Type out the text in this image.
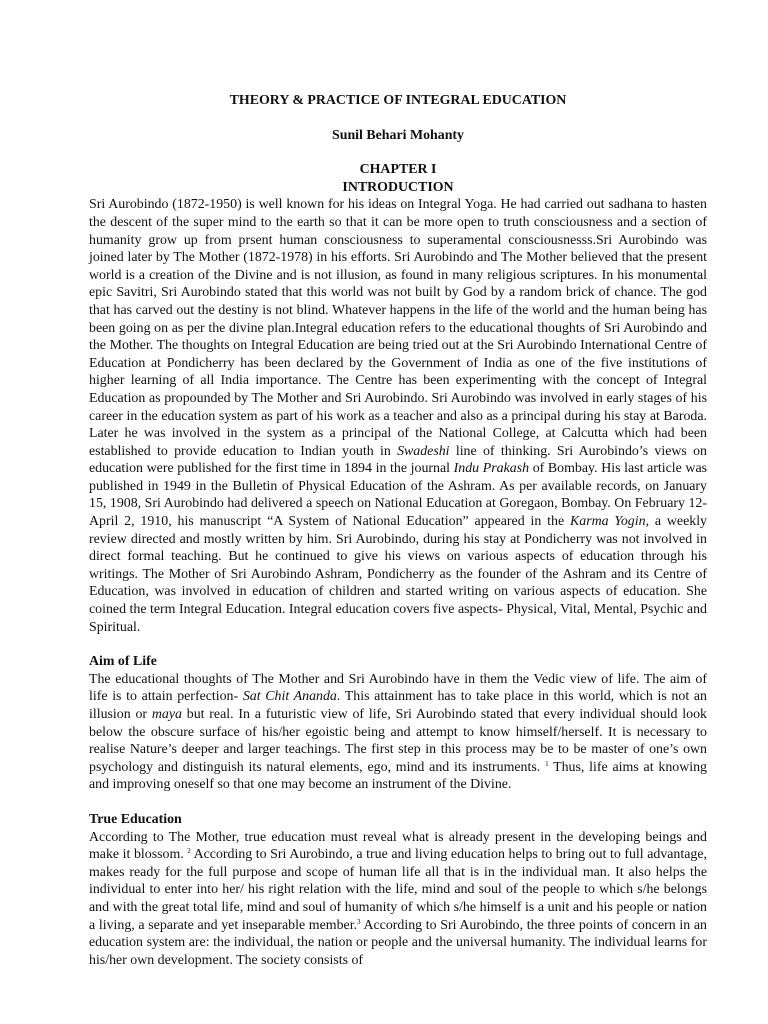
THEORY & PRACTICE OF INTEGRAL EDUCATION
Sunil Behari Mohanty
CHAPTER I
INTRODUCTION

Sri Aurobindo (1872-1950) is well known for his ideas on Integral Yoga. He had carried out sadhana to hasten the descent of the super mind to the earth so that it can be more open to truth consciousness and a section of humanity grow up from prsent human consciousness to superamental consciousnesss.Sri Aurobindo was joined later by The Mother (1872-1978) in his efforts. Sri Aurobindo and The Mother believed that the present world is a creation of the Divine and is not illusion, as found in many religious scriptures. In his monumental epic Savitri, Sri Aurobindo stated that this world was not built by God by a random brick of chance. The god that has carved out the destiny is not blind. Whatever happens in the life of the world and the human being has been going on as per the divine plan.Integral education refers to the educational thoughts of Sri Aurobindo and the Mother. The thoughts on Integral Education are being tried out at the Sri Aurobindo International Centre of Education at Pondicherry has been declared by the Government of India as one of the five institutions of higher learning of all India importance. The Centre has been experimenting with the concept of Integral Education as propounded by The Mother and Sri Aurobindo. Sri Aurobindo was involved in early stages of his career in the education system as part of his work as a teacher and also as a principal during his stay at Baroda. Later he was involved in the system as a principal of the National College, at Calcutta which had been established to provide education to Indian youth in Swadeshi line of thinking. Sri Aurobindo’s views on education were published for the first time in 1894 in the journal Indu Prakash of Bombay. His last article was published in 1949 in the Bulletin of Physical Education of the Ashram. As per available records, on January 15, 1908, Sri Aurobindo had delivered a speech on National Education at Goregaon, Bombay. On February 12- April 2, 1910, his manuscript “A System of National Education” appeared in the Karma Yogin, a weekly review directed and mostly written by him. Sri Aurobindo, during his stay at Pondicherry was not involved in direct formal teaching. But he continued to give his views on various aspects of education through his writings. The Mother of Sri Aurobindo Ashram, Pondicherry as the founder of the Ashram and its Centre of Education, was involved in education of children and started writing on various aspects of education. She coined the term Integral Education. Integral education covers five aspects- Physical, Vital, Mental, Psychic and Spiritual.

Aim of Life

The educational thoughts of The Mother and Sri Aurobindo have in them the Vedic view of life. The aim of life is to attain perfection- Sat Chit Ananda. This attainment has to take place in this world, which is not an illusion or maya but real. In a futuristic view of life, Sri Aurobindo stated that every individual should look below the obscure surface of his/her egoistic being and attempt to know himself/herself. It is necessary to realise Nature’s deeper and larger teachings. The first step in this process may be to be master of one’s own psychology and distinguish its natural elements, ego, mind and its instruments. $^1$ Thus, life aims at knowing and improving oneself so that one may become an instrument of the Divine.

True Education

According to The Mother, true education must reveal what is already present in the developing beings and make it blossom. $^2$ According to Sri Aurobindo, a true and living education helps to bring out to full advantage, makes ready for the full purpose and scope of human life all that is in the individual man. It also helps the individual to enter into her/ his right relation with the life, mind and soul of the people to which s/he belongs and with the great total life, mind and soul of humanity of which s/he himself is a unit and his people or nation a living, a separate and yet inseparable member.$^3$ According to Sri Aurobindo, the three points of concern in an education system are: the individual, the nation or people and the universal humanity. The individual learns for his/her own development. The society consists of
